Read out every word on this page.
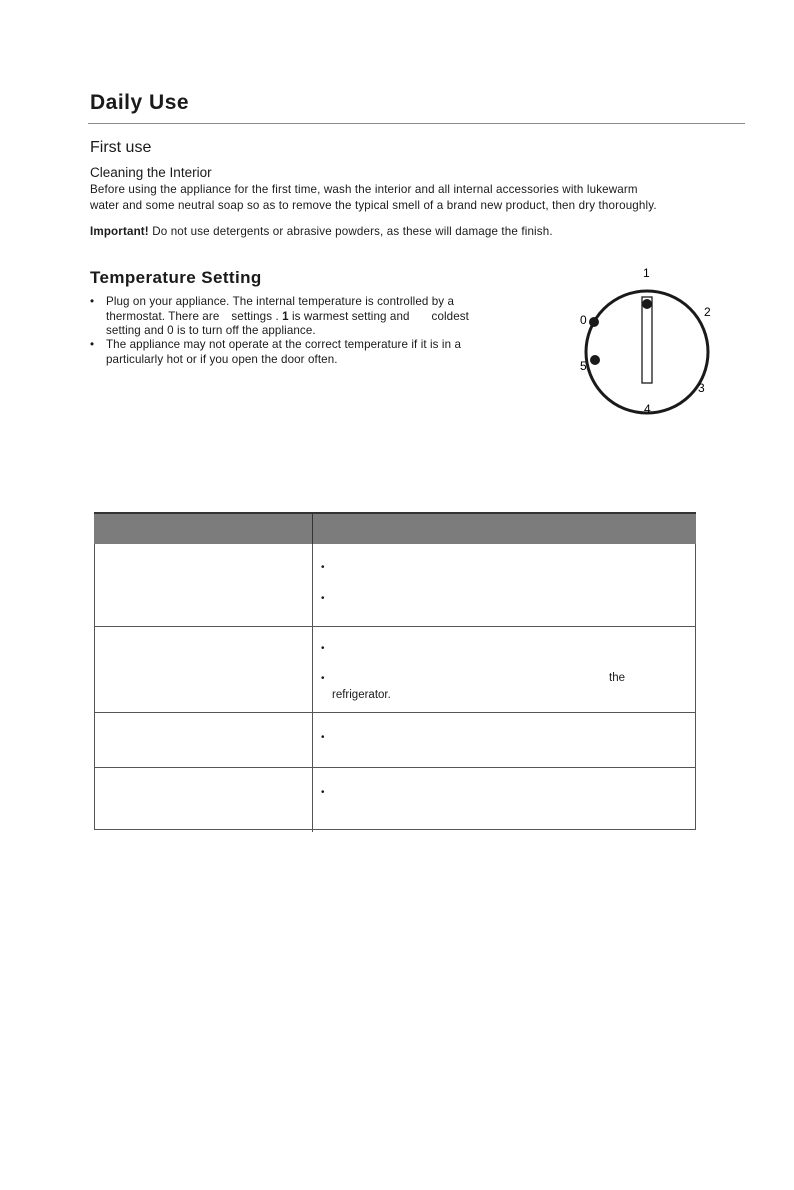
Daily Use
First use
Cleaning the Interior
Before using the appliance for the first time, wash the interior and all internal accessories with lukewarm
water and some neutral soap so as to remove the typical smell of a brand new product, then dry thoroughly.
Important! Do not use detergents or abrasive powders, as these will damage the finish.
Temperature Setting
• Plug on your appliance. The internal temperature is controlled by a
thermostat. There are settings . 1 is warmest setting and coldest
setting and 0 is to turn off the appliance.
• The appliance may not operate at the correct temperature if it is in a
particularly hot or if you open the door often.
1
2
3
4
5
0
•
•
•
•	the
refrigerator.
•
•
